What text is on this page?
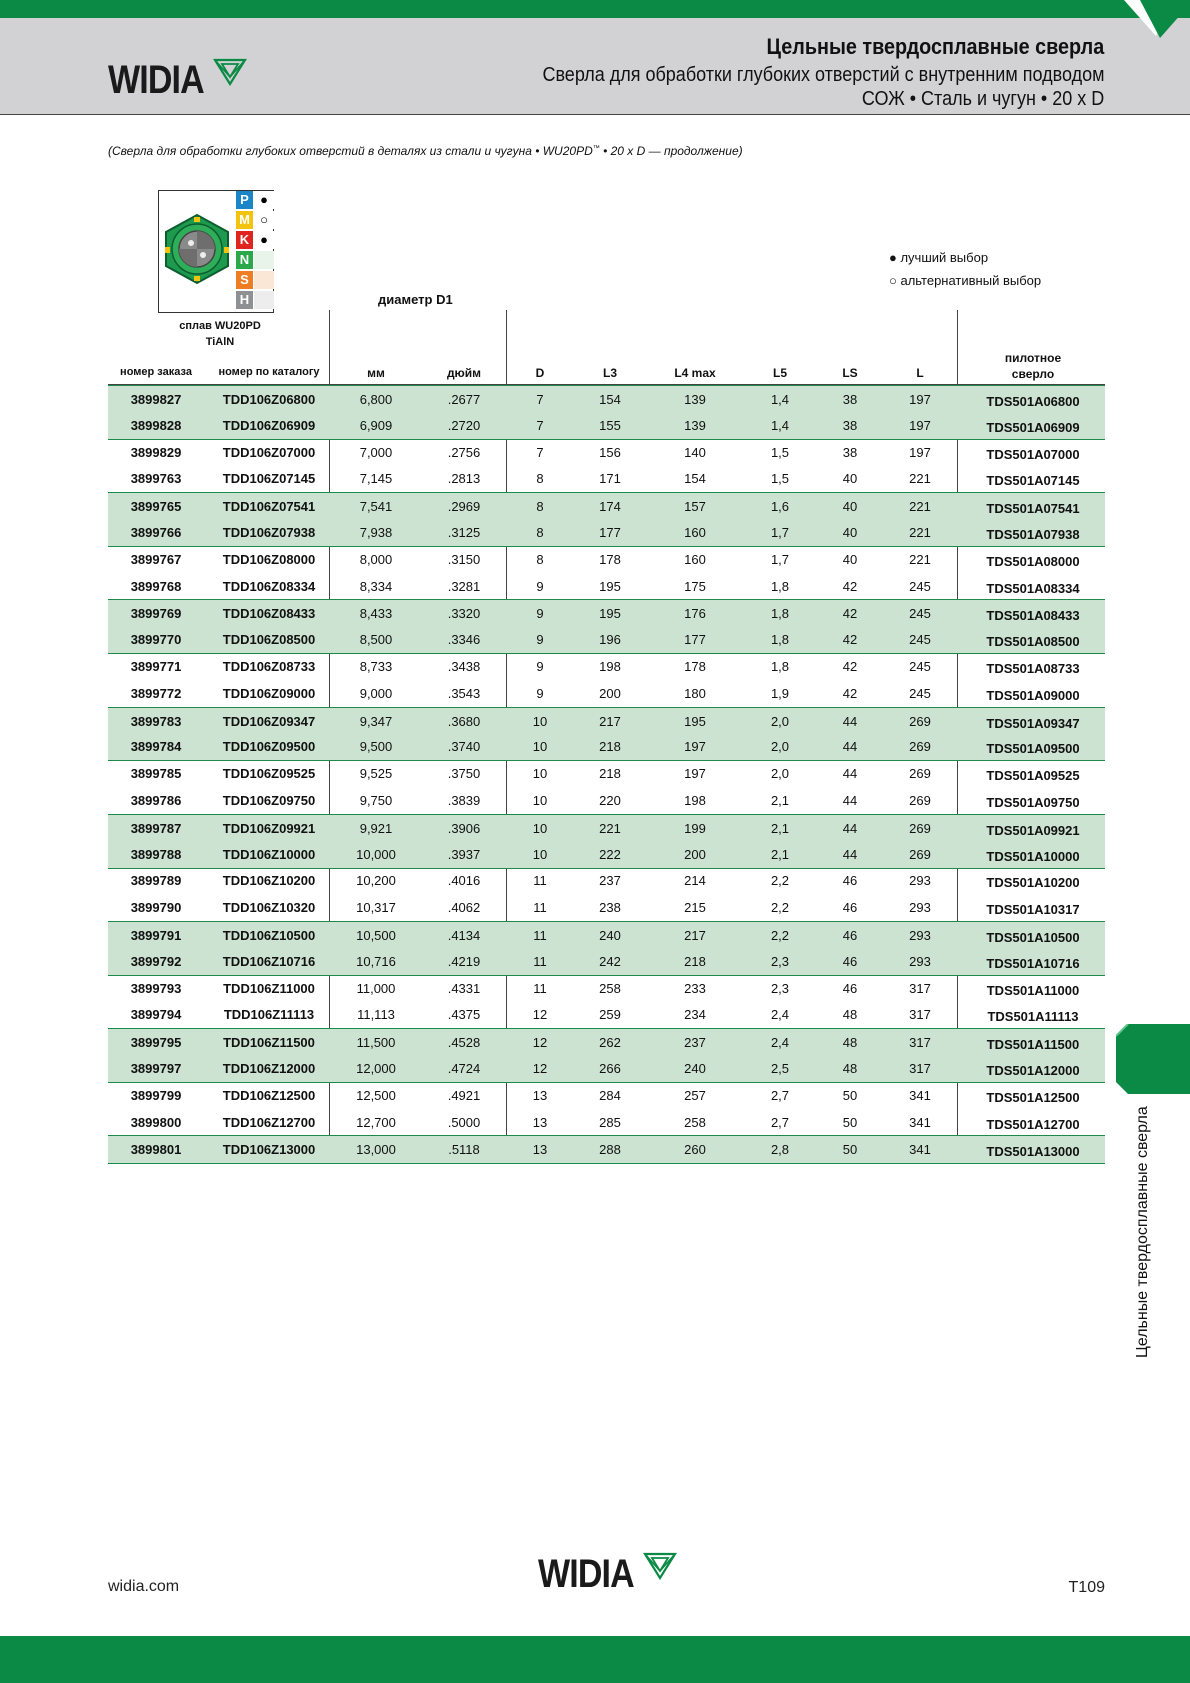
WIDIA
Цельные твердосплавные сверла
Сверла для обработки глубоких отверстий с внутренним подводом
СОЖ • Сталь и чугун • 20 x D
(Сверла для обработки глубоких отверстий в деталях из стали и чугуна • WU20PD™ • 20 x D — продолжение)
P ●
M ○
K ●
N
S
H
сплав WU20PD
TiAlN
● лучший выбор
○ альтернативный выбор
диаметр D1
номер заказа	номер по каталогу	мм	дюйм	D	L3	L4 max	L5	LS	L
пилотное
сверло
3899827	TDD106Z06800	6,800	.2677	7	154	139	1,4	38	197	TDS501A06800
3899828	TDD106Z06909	6,909	.2720	7	155	139	1,4	38	197	TDS501A06909
3899829	TDD106Z07000	7,000	.2756	7	156	140	1,5	38	197	TDS501A07000
3899763	TDD106Z07145	7,145	.2813	8	171	154	1,5	40	221	TDS501A07145
3899765	TDD106Z07541	7,541	.2969	8	174	157	1,6	40	221	TDS501A07541
3899766	TDD106Z07938	7,938	.3125	8	177	160	1,7	40	221	TDS501A07938
3899767	TDD106Z08000	8,000	.3150	8	178	160	1,7	40	221	TDS501A08000
3899768	TDD106Z08334	8,334	.3281	9	195	175	1,8	42	245	TDS501A08334
3899769	TDD106Z08433	8,433	.3320	9	195	176	1,8	42	245	TDS501A08433
3899770	TDD106Z08500	8,500	.3346	9	196	177	1,8	42	245	TDS501A08500
3899771	TDD106Z08733	8,733	.3438	9	198	178	1,8	42	245	TDS501A08733
3899772	TDD106Z09000	9,000	.3543	9	200	180	1,9	42	245	TDS501A09000
3899783	TDD106Z09347	9,347	.3680	10	217	195	2,0	44	269	TDS501A09347
3899784	TDD106Z09500	9,500	.3740	10	218	197	2,0	44	269	TDS501A09500
3899785	TDD106Z09525	9,525	.3750	10	218	197	2,0	44	269	TDS501A09525
3899786	TDD106Z09750	9,750	.3839	10	220	198	2,1	44	269	TDS501A09750
3899787	TDD106Z09921	9,921	.3906	10	221	199	2,1	44	269	TDS501A09921
3899788	TDD106Z10000	10,000	.3937	10	222	200	2,1	44	269	TDS501A10000
3899789	TDD106Z10200	10,200	.4016	11	237	214	2,2	46	293	TDS501A10200
3899790	TDD106Z10320	10,317	.4062	11	238	215	2,2	46	293	TDS501A10317
3899791	TDD106Z10500	10,500	.4134	11	240	217	2,2	46	293	TDS501A10500
3899792	TDD106Z10716	10,716	.4219	11	242	218	2,3	46	293	TDS501A10716
3899793	TDD106Z11000	11,000	.4331	11	258	233	2,3	46	317	TDS501A11000
3899794	TDD106Z11113	11,113	.4375	12	259	234	2,4	48	317	TDS501A11113
3899795	TDD106Z11500	11,500	.4528	12	262	237	2,4	48	317	TDS501A11500
3899797	TDD106Z12000	12,000	.4724	12	266	240	2,5	48	317	TDS501A12000
3899799	TDD106Z12500	12,500	.4921	13	284	257	2,7	50	341	TDS501A12500
3899800	TDD106Z12700	12,700	.5000	13	285	258	2,7	50	341	TDS501A12700
3899801	TDD106Z13000	13,000	.5118	13	288	260	2,8	50	341	TDS501A13000	Цельные твердосплавные сверла
widia.com	WIDIA	T109
